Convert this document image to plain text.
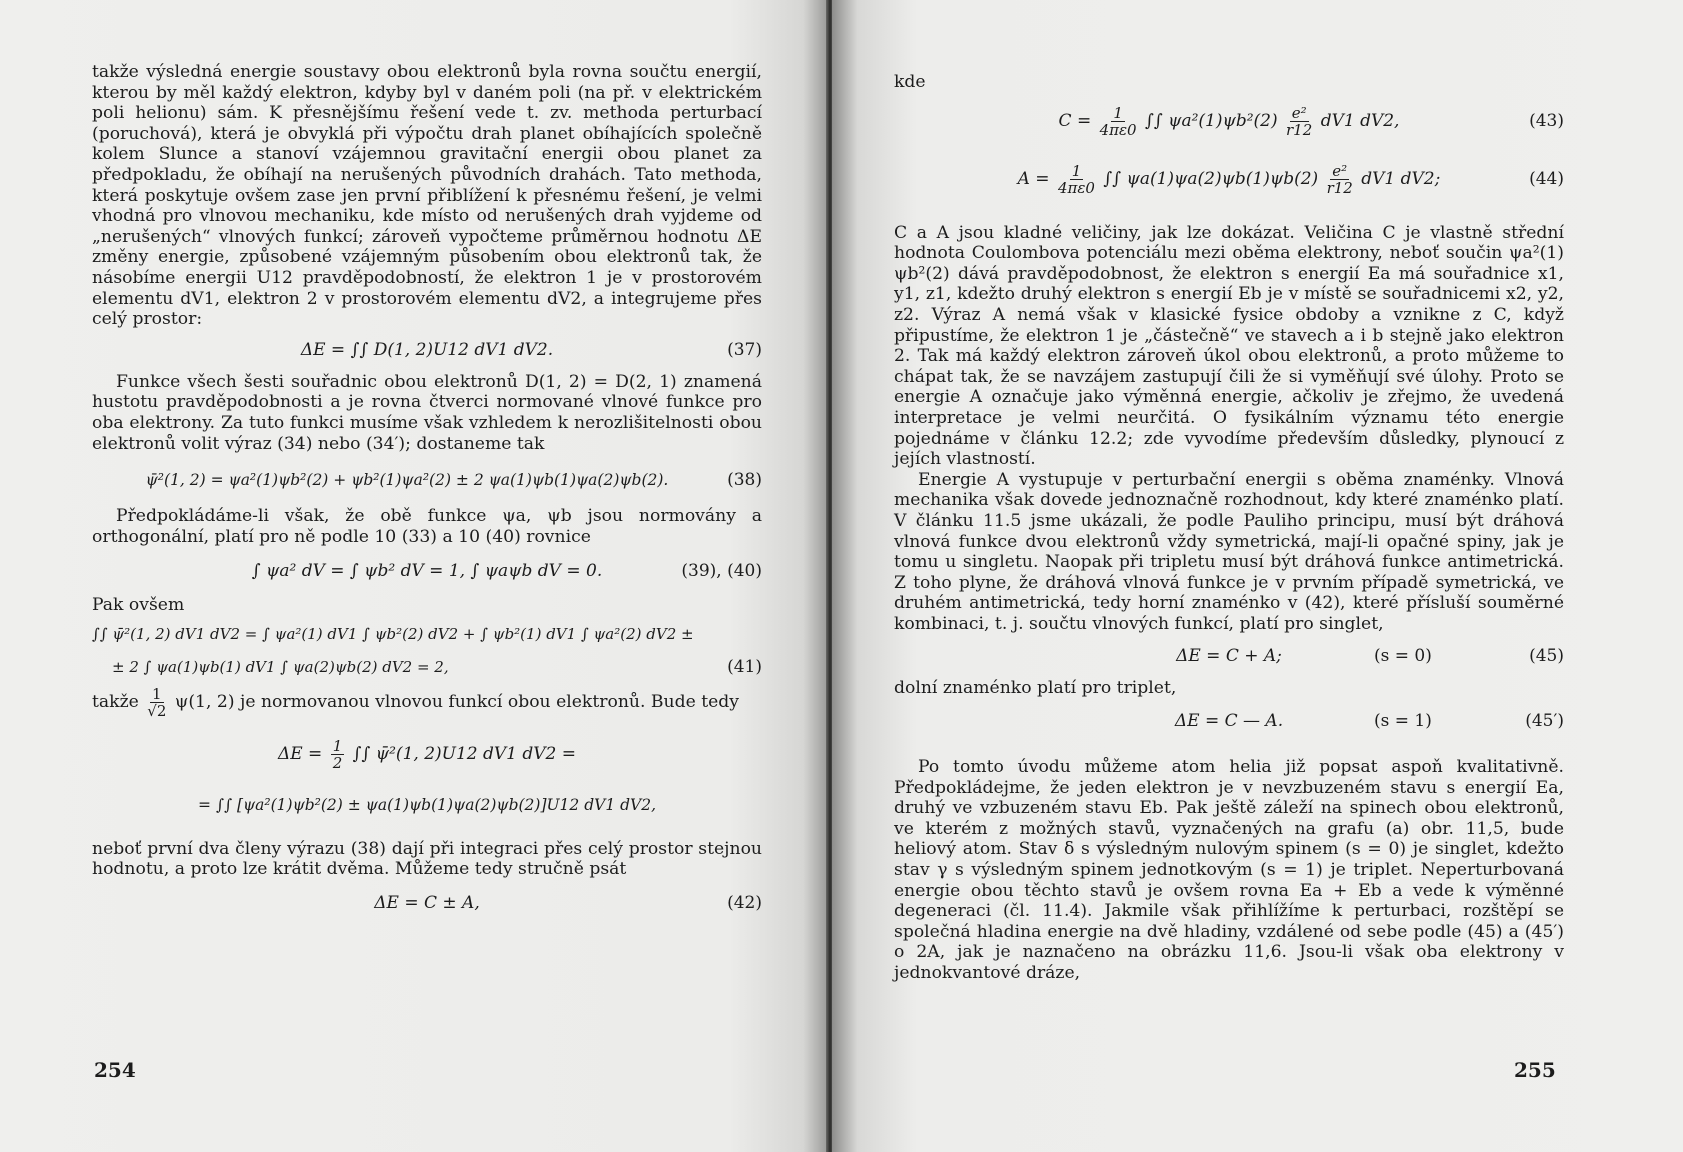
takže výsledná energie soustavy obou elektronů byla rovna součtu energií, kterou by měl každý elektron, kdyby byl v daném poli (na př. v elektrickém poli helionu) sám. K přesnějšímu řešení vede t. zv. methoda perturbací (poruchová), která je obvyklá při výpočtu drah planet obíhajících společně kolem Slunce a stanoví vzájemnou gravitační energii obou planet za předpokladu, že obíhají na nerušených původních drahách. Tato methoda, která poskytuje ovšem zase jen první přiblížení k přesnému řešení, je velmi vhodná pro vlnovou mechaniku, kde místo od nerušených drah vyjdeme od „nerušených“ vlnových funkcí; zároveň vypočteme průměrnou hodnotu ΔE změny energie, způsobené vzájemným působením obou elektronů tak, že násobíme energii U12 pravděpodobností, že elektron 1 je v prostorovém elementu dV1, elektron 2 v prostorovém elementu dV2, a integrujeme přes celý prostor:

ΔE = ∫∫ D(1, 2)U12 dV1 dV2.	(37)

Funkce všech šesti souřadnic obou elektronů D(1, 2) = D(2, 1) znamená hustotu pravděpodobnosti a je rovna čtverci normované vlnové funkce pro oba elektrony. Za tuto funkci musíme však vzhledem k nerozlišitelnosti obou elektronů volit výraz (34) nebo (34′); dostaneme tak

ψ̄²(1, 2) = ψa²(1)ψb²(2) + ψb²(1)ψa²(2) ± 2 ψa(1)ψb(1)ψa(2)ψb(2).	(38)

Předpokládáme-li však, že obě funkce ψa, ψb jsou normovány a orthogonální, platí pro ně podle 10 (33) a 10 (40) rovnice

∫ ψa² dV = ∫ ψb² dV = 1, ∫ ψaψb dV = 0.	(39), (40)

Pak ovšem

∫∫ ψ̄²(1, 2) dV1 dV2 = ∫ ψa²(1) dV1 ∫ ψb²(2) dV2 + ∫ ψb²(1) dV1 ∫ ψa²(2) dV2 ±
± 2 ∫ ψa(1)ψb(1) dV1 ∫ ψa(2)ψb(2) dV2 = 2,	(41)

takže $\frac{1}{√2} \psi(1$, 2) je normovanou vlnovou funkcí obou elektronů. Bude tedy

$\Delta E = \frac{1}{2}$ ∫∫ ψ̄²(1, 2)U12 dV1 dV2 =
= ∫∫ [ψa²(1)ψb²(2) ± ψa(1)ψb(1)ψa(2)ψb(2)]U12 dV1 dV2,

neboť první dva členy výrazu (38) dají při integraci přes celý prostor stejnou hodnotu, a proto lze krátit dvěma. Můžeme tedy stručně psát

ΔE = C ± A,	(42)
254

kde

$C = \frac{1}{4\pi\varepsilon 0}$ ∫∫ $\psi a^2(1)\psi b^2(2) \frac{\text{e²}}{r12} dV1$ dV2,	(43)
$A = \frac{1}{4\pi\varepsilon 0}$ ∫∫ $\psi a(1)\psi a(2)\psi b(1)\psi b(2) \frac{\text{e²}}{r12} dV1$ dV2;	(44)

C a A jsou kladné veličiny, jak lze dokázat. Veličina C je vlastně střední hodnota Coulombova potenciálu mezi oběma elektrony, neboť součin ψa²(1) ψb²(2) dává pravděpodobnost, že elektron s energií Ea má souřadnice x1, y1, z1, kdežto druhý elektron s energií Eb je v místě se souřadnicemi x2, y2, z2. Výraz A nemá však v klasické fysice obdoby a vznikne z C, když připustíme, že elektron 1 je „částečně“ ve stavech a i b stejně jako elektron 2. Tak má každý elektron zároveň úkol obou elektronů, a proto můžeme to chápat tak, že se navzájem zastupují čili že si vyměňují své úlohy. Proto se energie A označuje jako výměnná energie, ačkoliv je zřejmo, že uvedená interpretace je velmi neurčitá. O fysikálním významu této energie pojednáme v článku 12.2; zde vyvodíme především důsledky, plynoucí z jejích vlastností.

Energie A vystupuje v perturbační energii s oběma znaménky. Vlnová mechanika však dovede jednoznačně rozhodnout, kdy které znaménko platí. V článku 11.5 jsme ukázali, že podle Pauliho principu, musí být dráhová vlnová funkce dvou elektronů vždy symetrická, mají-li opačné spiny, jak je tomu u singletu. Naopak při tripletu musí být dráhová funkce antimetrická. Z toho plyne, že dráhová vlnová funkce je v prvním případě symetrická, ve druhém antimetrická, tedy horní znaménko v (42), které přísluší souměrné kombinaci, t. j. součtu vlnových funkcí, platí pro singlet,

ΔE = C + A;	(s = 0)	(45)

dolní znaménko platí pro triplet,

ΔE = C — A.	(s = 1)	(45′)

Po tomto úvodu můžeme atom helia již popsat aspoň kvalitativně. Předpokládejme, že jeden elektron je v nevzbuzeném stavu s energií Ea, druhý ve vzbuzeném stavu Eb. Pak ještě záleží na spinech obou elektronů, ve kterém z možných stavů, vyznačených na grafu (a) obr. 11,5, bude heliový atom. Stav δ s výsledným nulovým spinem (s = 0) je singlet, kdežto stav γ s výsledným spinem jednotkovým (s = 1) je triplet. Neperturbovaná energie obou těchto stavů je ovšem rovna Ea + Eb a vede k výměnné degeneraci (čl. 11.4). Jakmile však přihlížíme k perturbaci, rozštěpí se společná hladina energie na dvě hladiny, vzdálené od sebe podle (45) a (45′) o 2A, jak je naznačeno na obrázku 11,6. Jsou-li však oba elektrony v jednokvantové dráze,

255
